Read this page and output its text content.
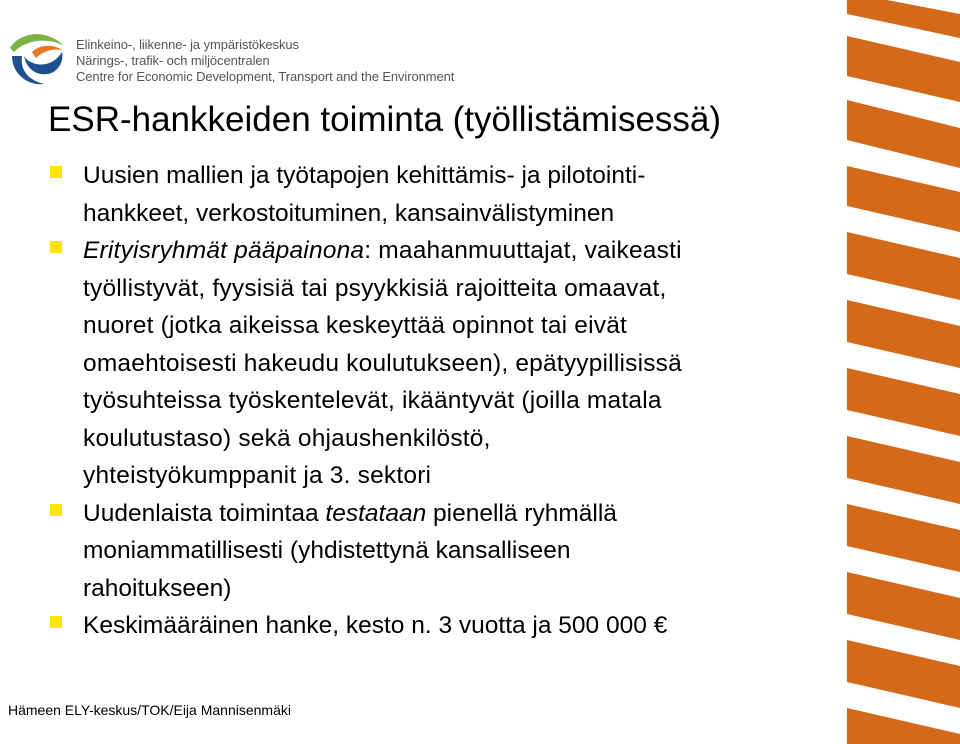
Elinkeino-, liikenne- ja ympäristökeskus
Närings-, trafik- och miljöcentralen
Centre for Economic Development, Transport and the Environment
ESR-hankkeiden toiminta (työllistämisessä)
Uusien mallien ja työtapojen kehittämis- ja pilotointi-
hankkeet, verkostoituminen, kansainvälistyminen
Erityisryhmät pääpainona: maahanmuuttajat, vaikeasti
työllistyvät, fyysisiä tai psyykkisiä rajoitteita omaavat,
nuoret (jotka aikeissa keskeyttää opinnot tai eivät
omaehtoisesti hakeudu koulutukseen), epätyypillisissä
työsuhteissa työskentelevät, ikääntyvät (joilla matala
koulutustaso) sekä ohjaushenkilöstö,
yhteistyökumppanit ja 3. sektori
Uudenlaista toimintaa testataan pienellä ryhmällä
moniammatillisesti (yhdistettynä kansalliseen
rahoitukseen)
Keskimääräinen hanke, kesto n. 3 vuotta ja 500 000 €
Hämeen ELY-keskus/TOK/Eija Mannisenmäki
